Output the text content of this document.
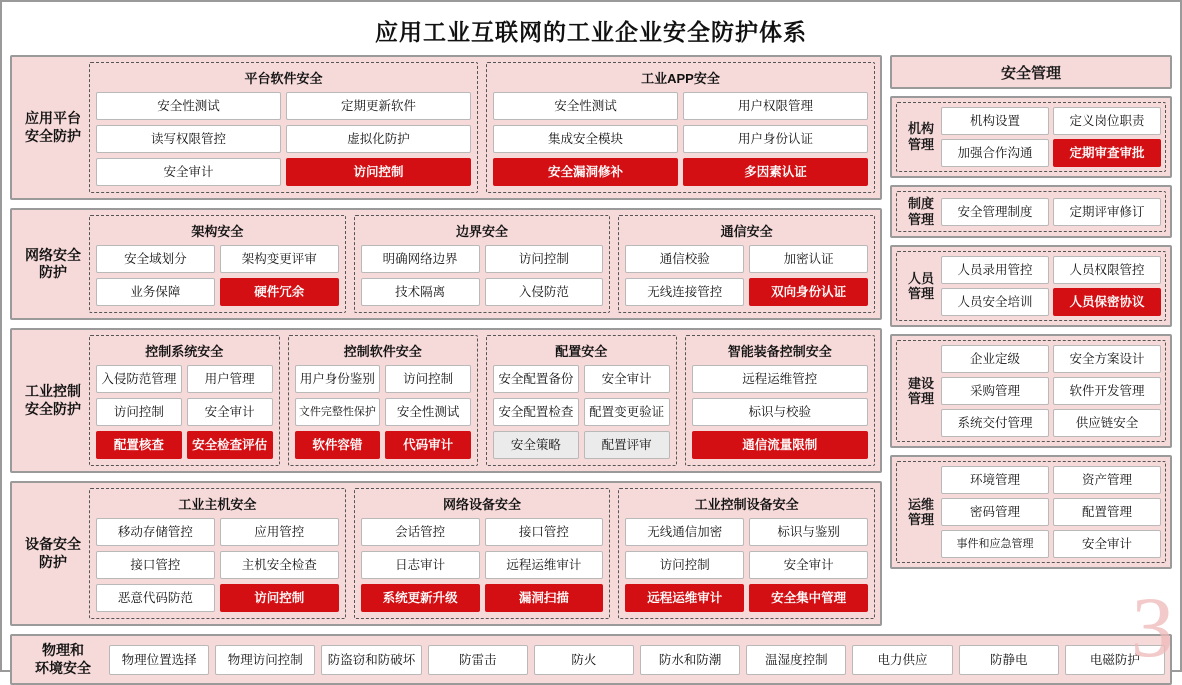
应用工业互联网的工业企业安全防护体系
应用平台
安全防护
平台软件安全
安全性测试	定期更新软件
读写权限管控	虚拟化防护
安全审计	访问控制
工业APP安全
安全性测试	用户权限管理
集成安全模块	用户身份认证
安全漏洞修补	多因素认证
网络安全
防护
架构安全
安全域划分	架构变更评审
业务保障	硬件冗余
边界安全
明确网络边界	访问控制
技术隔离	入侵防范
通信安全
通信校验	加密认证
无线连接管控	双向身份认证
工业控制
安全防护
控制系统安全
入侵防范管理	用户管理
访问控制	安全审计
配置核查	安全检查评估
控制软件安全
用户身份鉴别	访问控制
文件完整性保护	安全性测试
软件容错	代码审计
配置安全
安全配置备份	安全审计
安全配置检查	配置变更验证
安全策略	配置评审
智能装备控制安全
远程运维管控
标识与校验
通信流量限制
设备安全
防护
工业主机安全
移动存储管控	应用管控
接口管控	主机安全检查
恶意代码防范	访问控制
网络设备安全
会话管控	接口管控
日志审计	远程运维审计
系统更新升级	漏洞扫描
工业控制设备安全
无线通信加密	标识与鉴别
访问控制	安全审计
远程运维审计	安全集中管理
安全管理
机构
管理
机构设置	定义岗位职责
加强合作沟通	定期审查审批
制度
管理	安全管理制度	定期评审修订
人员
管理
人员录用管控	人员权限管控
人员安全培训	人员保密协议
建设
管理
企业定级	安全方案设计
采购管理	软件开发管理
系统交付管理	供应链安全
运维
管理
环境管理	资产管理
密码管理	配置管理
事件和应急管理	安全审计
物理和
环境安全	物理位置选择	物理访问控制	防盗窃和防破坏	防雷击	防火	防水和防潮	温湿度控制	电力供应	防静电	电磁防护
З
